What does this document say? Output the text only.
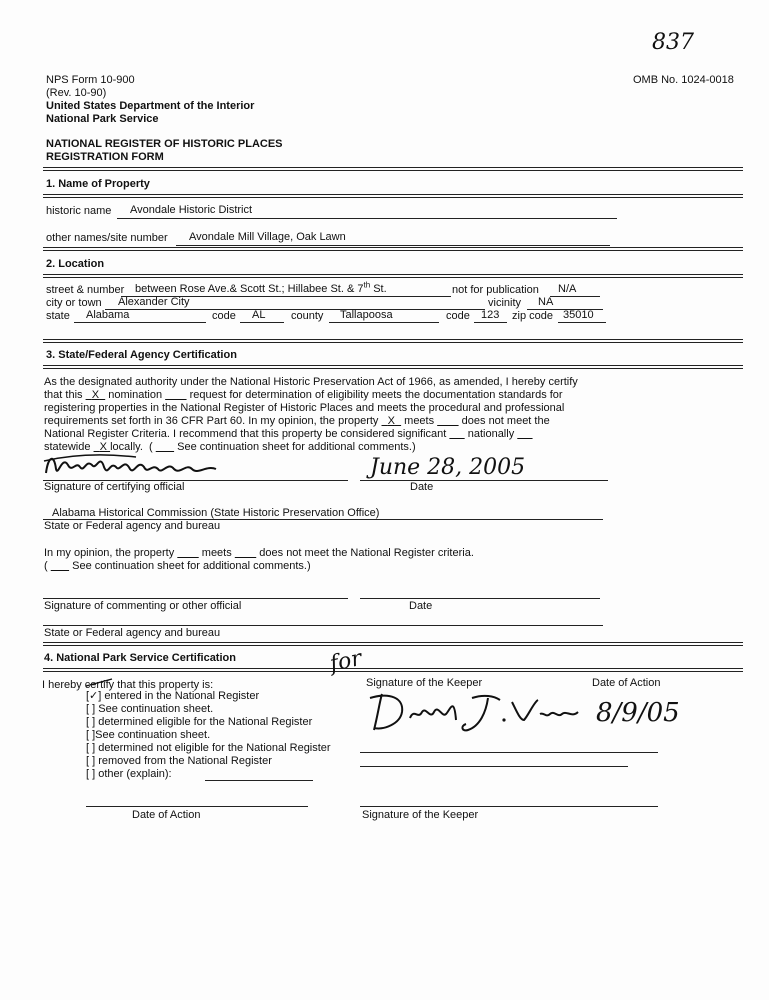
837
NPS Form 10-900
(Rev. 10-90)
United States Department of the Interior
National Park Service
OMB No. 1024-0018
NATIONAL REGISTER OF HISTORIC PLACES
REGISTRATION FORM
1. Name of Property
historic name Avondale Historic District
other names/site number Avondale Mill Village, Oak Lawn
2. Location
street & number between Rose Ave.& Scott St.; Hillabee St. & 7th St.	not for publication N/A
city or town Alexander City	vicinity NA
state Alabama	code AL county Tallapoosa	code 123 zip code 35010
3. State/Federal Agency Certification
As the designated authority under the National Historic Preservation Act of 1966, as amended, I hereby certify
that this X nomination	request for determination of eligibility meets the documentation standards for
registering properties in the National Register of Historic Places and meets the procedural and professional
requirements set forth in 36 CFR Part 60. In my opinion, the property X meets	does not meet the
National Register Criteria. I recommend that this property be considered significant nationally
statewide X locally.  (        See continuation sheet for additional comments.)
Signature of certifying official
June 28, 2005
Date
Alabama Historical Commission (State Historic Preservation Office)
State or Federal agency and bureau
In my opinion, the property	meets	does not meet the National Register criteria.
(        See continuation sheet for additional comments.)
Signature of commenting or other official	Date
State or Federal agency and bureau
4. National Park Service Certification
I hereby certify that this property is:
for
Signature of the Keeper	Date of Action
[✓] entered in the National Register
[ ] See continuation sheet.
[ ] determined eligible for the National Register
[ ]See continuation sheet.
[ ] determined not eligible for the National Register
[ ] removed from the National Register
[ ] other (explain):
8/9/05
Date of Action	Signature of the Keeper
